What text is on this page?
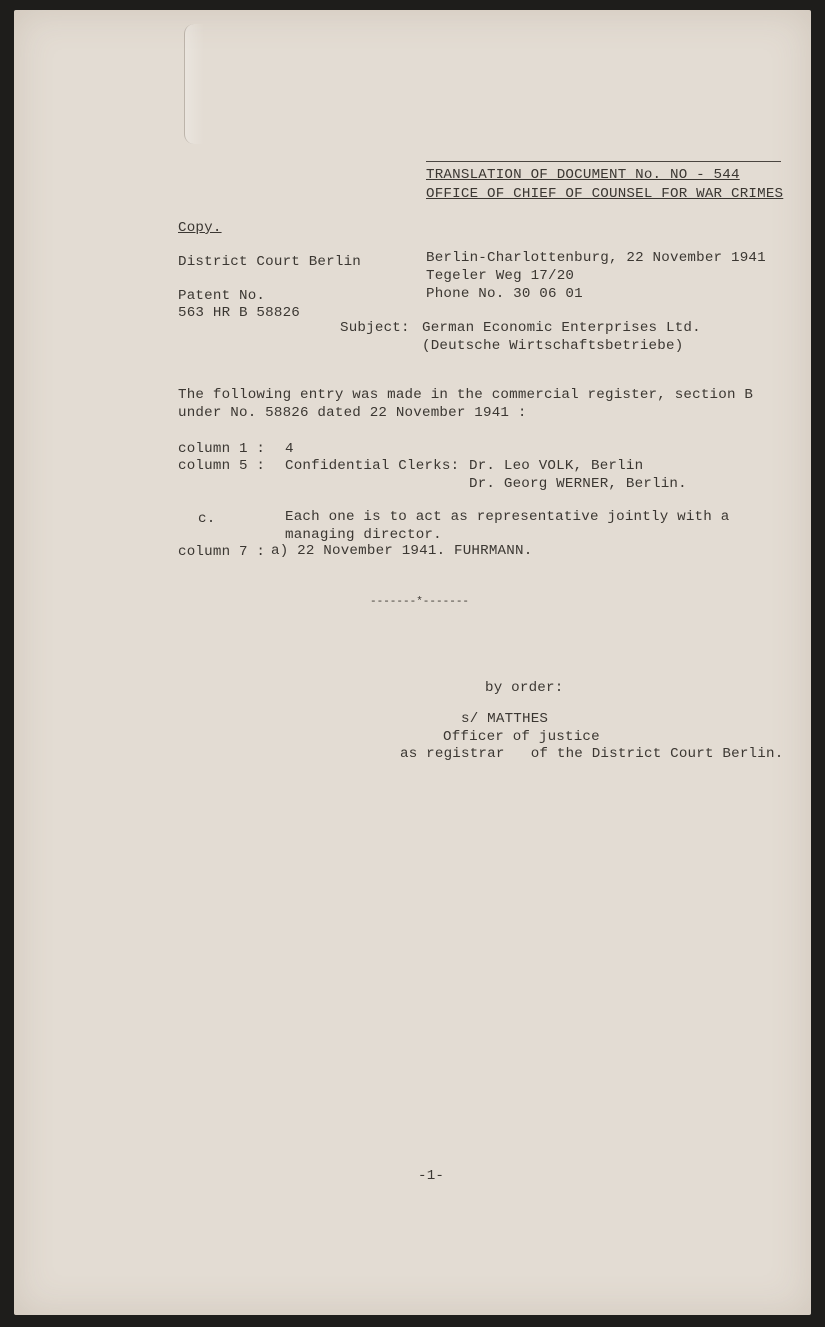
TRANSLATION OF DOCUMENT No. NO - 544
OFFICE OF CHIEF OF COUNSEL FOR WAR CRIMES
Copy.
District Court Berlin	Berlin-Charlottenburg, 22 November 1941
Tegeler Weg 17/20
Phone No. 30 06 01
Patent No.
563 HR B 58826
Subject: German Economic Enterprises Ltd.
(Deutsche Wirtschaftsbetriebe)
The following entry was made in the commercial register, section B
under No. 58826 dated 22 November 1941 :
column 1 : 4
column 5 : Confidential Clerks: Dr. Leo VOLK, Berlin
Dr. Georg WERNER, Berlin.
c.	Each one is to act as representative jointly with a
managing director.
column 7 : a) 22 November 1941. FUHRMANN.
-------*-------
by order:
s/ MATTHES
Officer of justice
as registrar   of the District Court Berlin.
-1-
